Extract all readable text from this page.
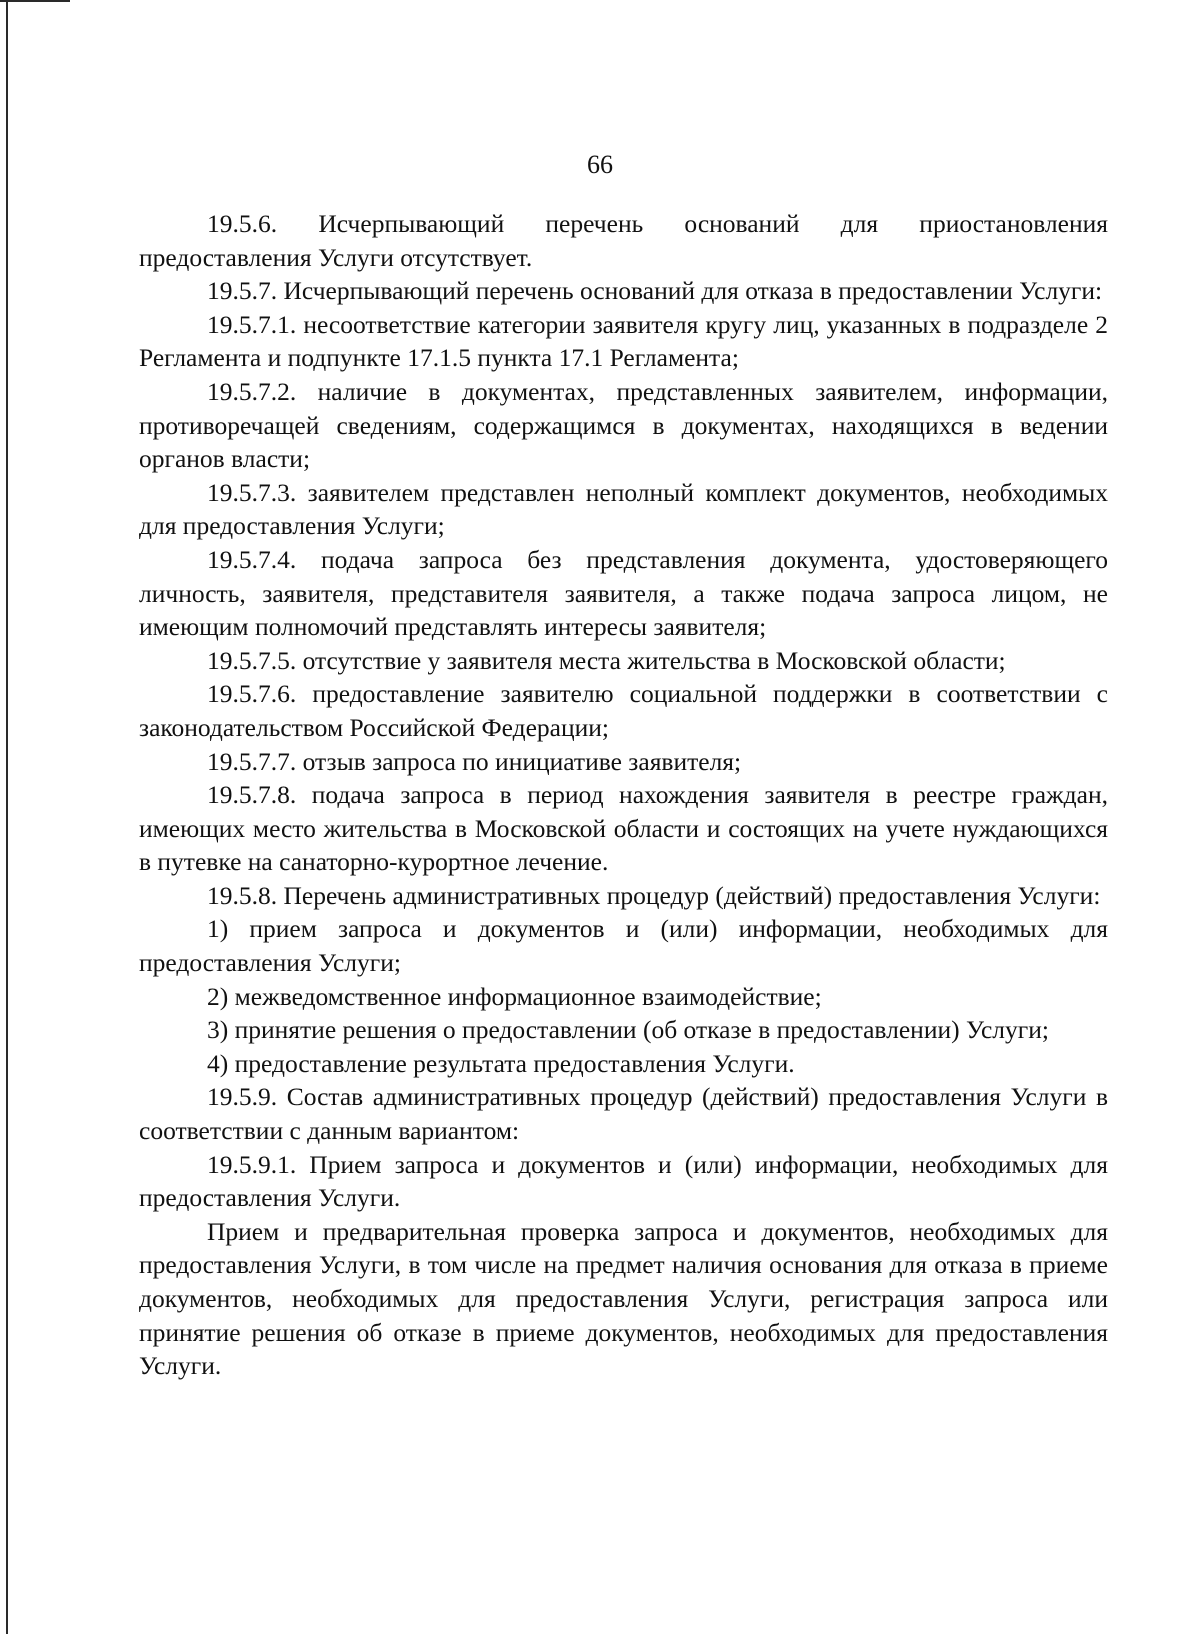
66

19.5.6. Исчерпывающий перечень оснований для приостановления предоставления Услуги отсутствует.

19.5.7. Исчерпывающий перечень оснований для отказа в предоставлении Услуги:

19.5.7.1. несоответствие категории заявителя кругу лиц, указанных в подразделе 2 Регламента и подпункте 17.1.5 пункта 17.1 Регламента;

19.5.7.2. наличие в документах, представленных заявителем, информации, противоречащей сведениям, содержащимся в документах, находящихся в ведении органов власти;

19.5.7.3. заявителем представлен неполный комплект документов, необходимых для предоставления Услуги;

19.5.7.4. подача запроса без представления документа, удостоверяющего личность, заявителя, представителя заявителя, а также подача запроса лицом, не имеющим полномочий представлять интересы заявителя;

19.5.7.5. отсутствие у заявителя места жительства в Московской области;

19.5.7.6. предоставление заявителю социальной поддержки в соответствии с законодательством Российской Федерации;

19.5.7.7. отзыв запроса по инициативе заявителя;

19.5.7.8. подача запроса в период нахождения заявителя в реестре граждан, имеющих место жительства в Московской области и состоящих на учете нуждающихся в путевке на санаторно-курортное лечение.

19.5.8. Перечень административных процедур (действий) предоставления Услуги:

1) прием запроса и документов и (или) информации, необходимых для предоставления Услуги;

2) межведомственное информационное взаимодействие;

3) принятие решения о предоставлении (об отказе в предоставлении) Услуги;

4) предоставление результата предоставления Услуги.

19.5.9. Состав административных процедур (действий) предоставления Услуги в соответствии с данным вариантом:

19.5.9.1. Прием запроса и документов и (или) информации, необходимых для предоставления Услуги.

Прием и предварительная проверка запроса и документов, необходимых для предоставления Услуги, в том числе на предмет наличия основания для отказа в приеме документов, необходимых для предоставления Услуги, регистрация запроса или принятие решения об отказе в приеме документов, необходимых для предоставления Услуги.
